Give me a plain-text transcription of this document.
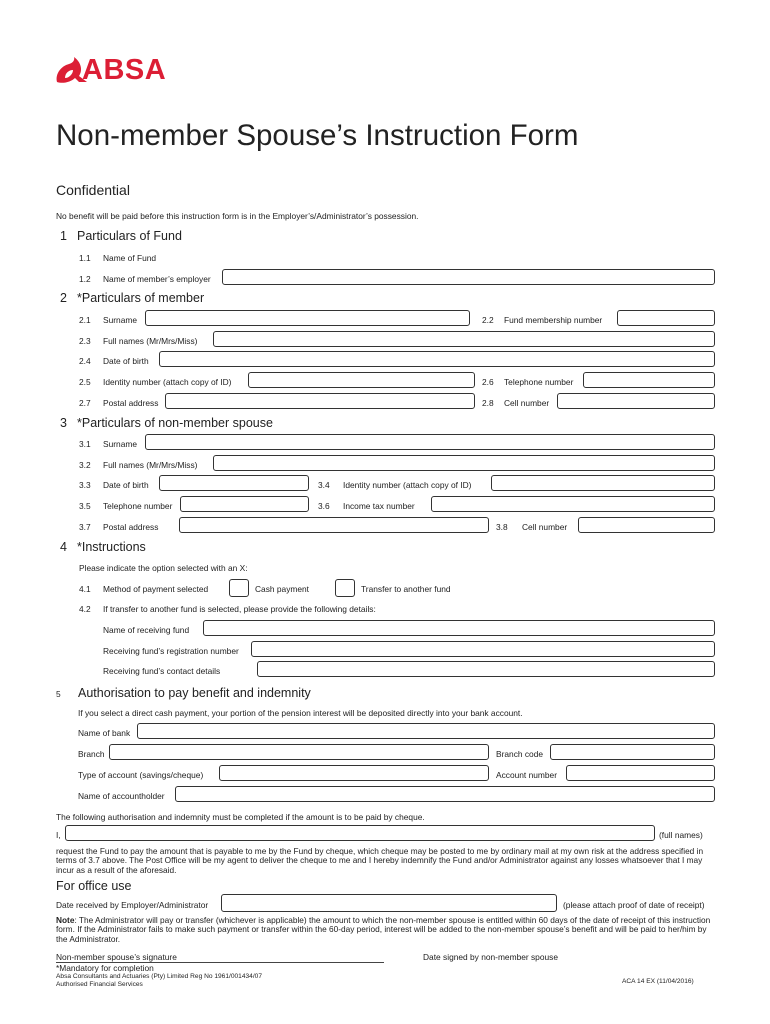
ABSA
Non-member Spouse’s Instruction Form
Confidential
No benefit will be paid before this instruction form is in the Employer’s/Administrator’s possession.
1 Particulars of Fund
1.1 Name of Fund
1.2 Name of member’s employer
2 *Particulars of member
2.1 Surname	2.2 Fund membership number
2.3 Full names (Mr/Mrs/Miss)
2.4 Date of birth
2.5 Identity number (attach copy of ID)	2.6 Telephone number
2.7 Postal address	2.8 Cell number
3 *Particulars of non-member spouse
3.1 Surname
3.2 Full names (Mr/Mrs/Miss)
3.3 Date of birth	3.4 Identity number (attach copy of ID)
3.5 Telephone number	3.6 Income tax number
3.7 Postal address	3.8 Cell number
4 *Instructions
Please indicate the option selected with an X:
4.1 Method of payment selected	Cash payment	Transfer to another fund
4.2 If transfer to another fund is selected, please provide the following details:
Name of receiving fund
Receiving fund’s registration number
Receiving fund’s contact details
5 Authorisation to pay benefit and indemnity
If you select a direct cash payment, your portion of the pension interest will be deposited directly into your bank account.
Name of bank
Branch	Branch code
Type of account (savings/cheque)	Account number
Name of accountholder
The following authorisation and indemnity must be completed if the amount is to be paid by cheque.
I,	(full names)
request the Fund to pay the amount that is payable to me by the Fund by cheque, which cheque may be posted to me by ordinary mail at my own risk at the address specified in terms of 3.7 above. The Post Office will be my agent to deliver the cheque to me and I hereby indemnify the Fund and/or Administrator against any losses whatsoever that I may incur as a result of the aforesaid.
For office use
Date received by Employer/Administrator	(please attach proof of date of receipt)
Note: The Administrator will pay or transfer (whichever is applicable) the amount to which the non-member spouse is entitled within 60 days of the date of receipt of this instruction form. If the Administrator fails to make such payment or transfer within the 60-day period, interest will be added to the non-member spouse’s benefit and will be paid to her/him by the Administrator.
Non-member spouse’s signature	Date signed by non-member spouse
*Mandatory for completion
Absa Consultants and Actuaries (Pty) Limited Reg No 1961/001434/07
Authorised Financial Services	ACA 14 EX (11/04/2016)
